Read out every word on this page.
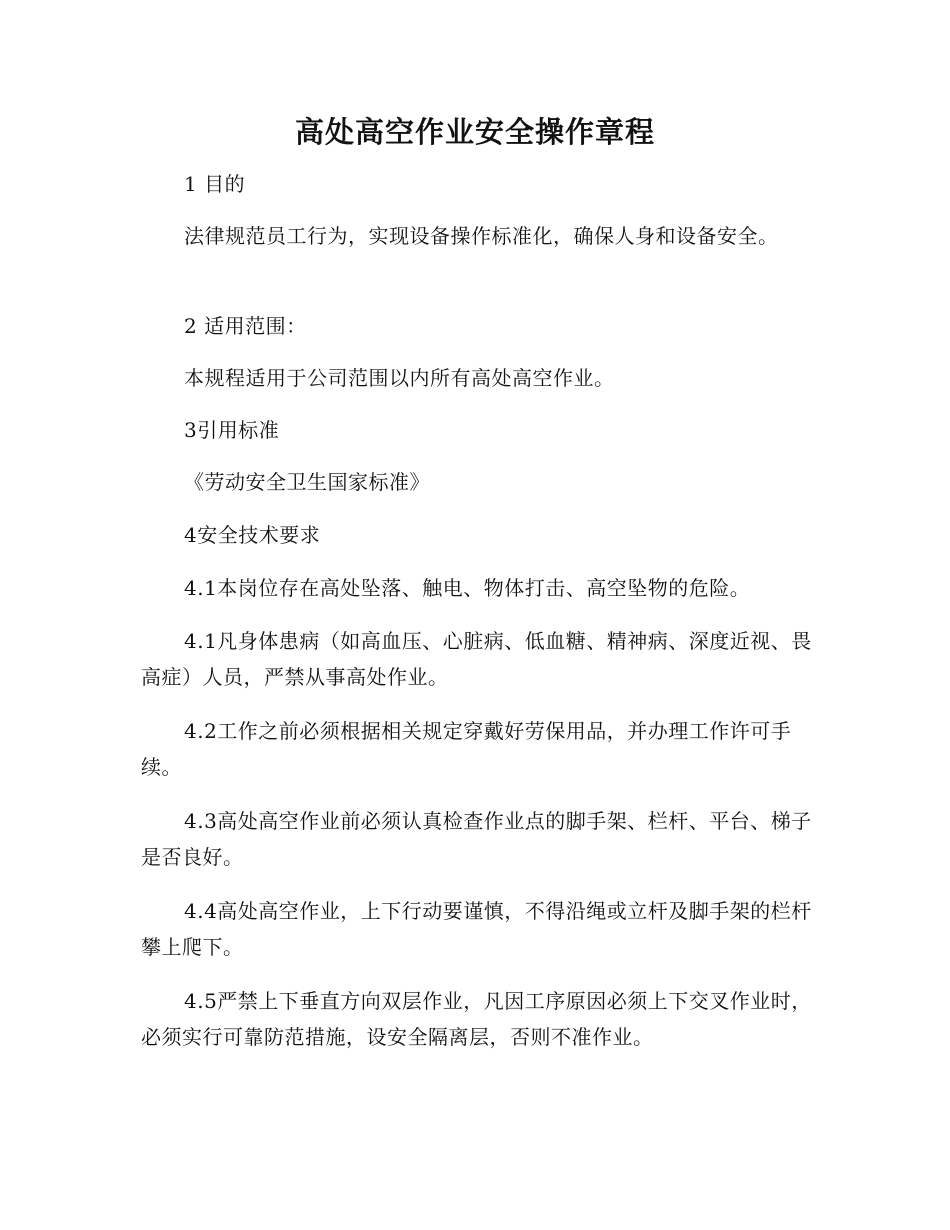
高处高空作业安全操作章程

1 目的

法律规范员工行为，实现设备操作标准化，确保人身和设备安全。

2 适用范围：

本规程适用于公司范围以内所有高处高空作业。

3引用标准

《劳动安全卫生国家标准》

4安全技术要求

4.1本岗位存在高处坠落、触电、物体打击、高空坠物的危险。

4.1凡身体患病（如高血压、心脏病、低血糖、精神病、深度近视、畏高症）人员，严禁从事高处作业。

4.2工作之前必须根据相关规定穿戴好劳保用品，并办理工作许可手续。

4.3高处高空作业前必须认真检查作业点的脚手架、栏杆、平台、梯子是否良好。

4.4高处高空作业，上下行动要谨慎，不得沿绳或立杆及脚手架的栏杆攀上爬下。

4.5严禁上下垂直方向双层作业，凡因工序原因必须上下交叉作业时，必须实行可靠防范措施，设安全隔离层，否则不准作业。
